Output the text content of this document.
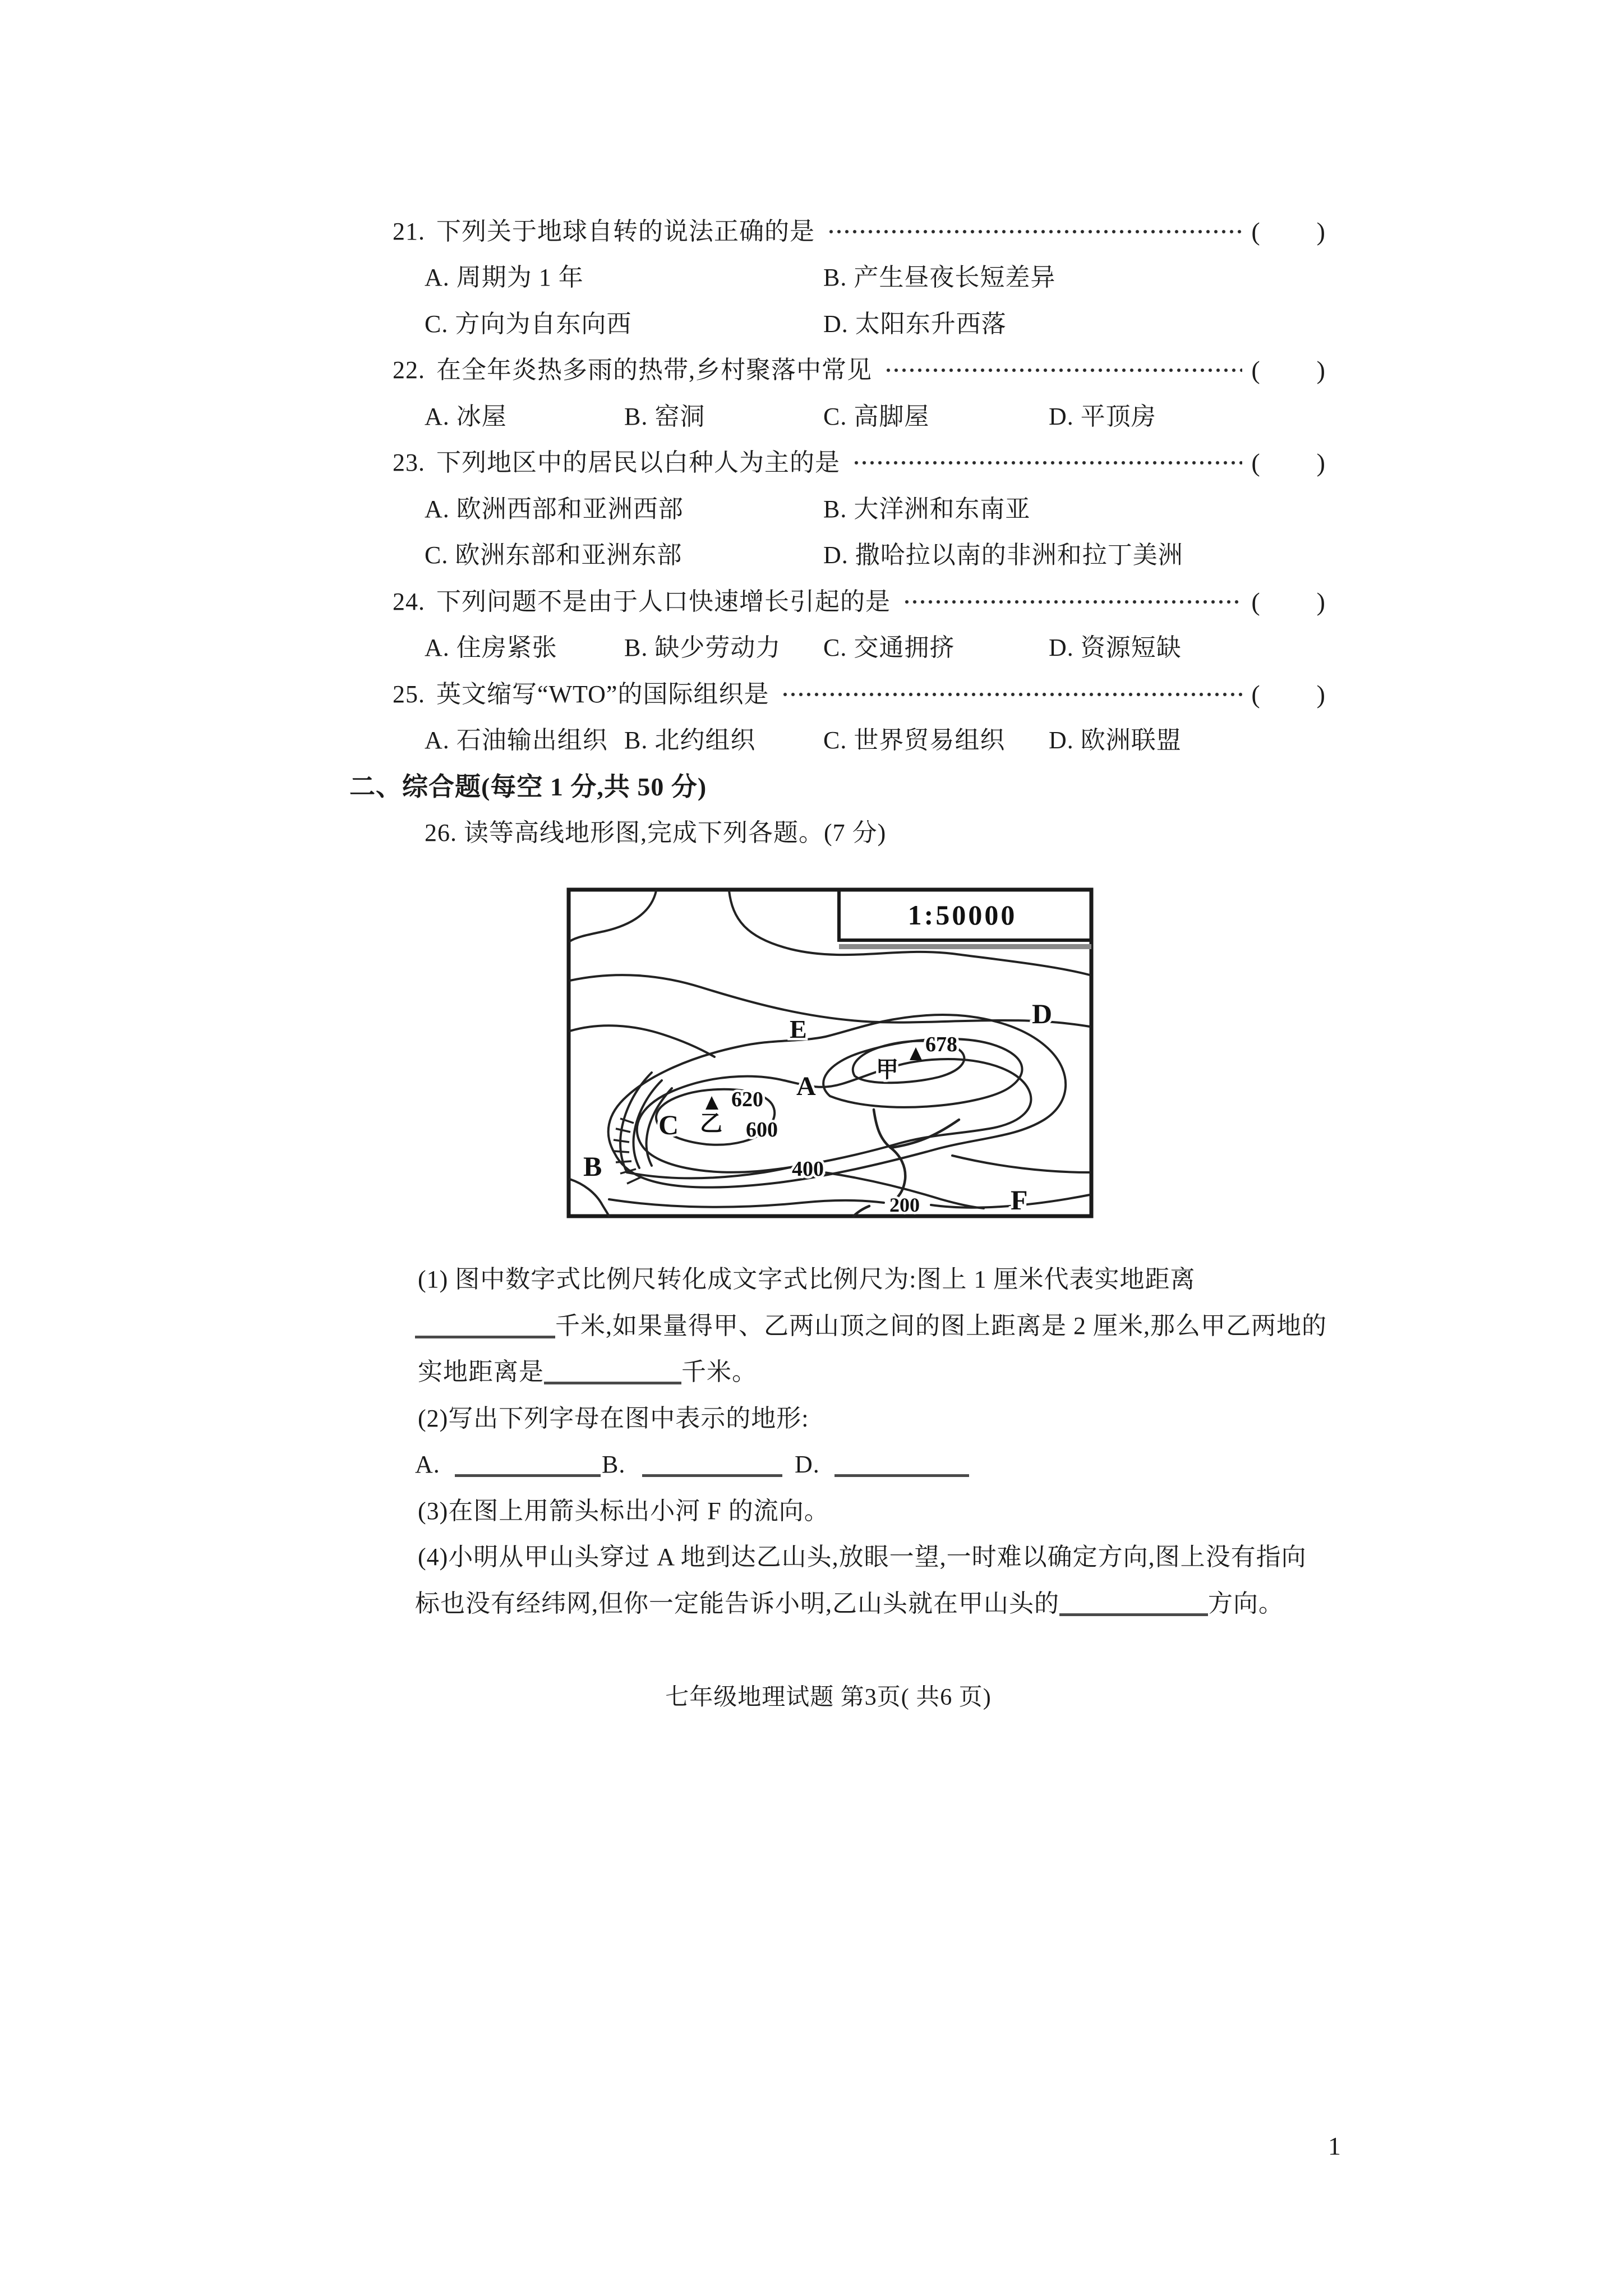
21. 下列关于地球自转的说法正确的是	(        )
A. 周期为 1 年	B. 产生昼夜长短差异
C. 方向为自东向西	D. 太阳东升西落
22. 在全年炎热多雨的热带,乡村聚落中常见	(        )
A. 冰屋	B. 窑洞	C. 高脚屋	D. 平顶房
23. 下列地区中的居民以白种人为主的是	(        )
A. 欧洲西部和亚洲西部	B. 大洋洲和东南亚
C. 欧洲东部和亚洲东部	D. 撒哈拉以南的非洲和拉丁美洲
24. 下列问题不是由于人口快速增长引起的是	(        )
A. 住房紧张	B. 缺少劳动力 C. 交通拥挤	D. 资源短缺
25. 英文缩写“WTO”的国际组织是	(        )
A. 石油输出组织 B. 北约组织	C. 世界贸易组织 D. 欧洲联盟
二、综合题(每空 1 分,共 50 分)
26. 读等高线地形图,完成下列各题。(7 分)
1:50000
E	D
A
B
C
F
甲
乙
678
620
600
400
200
(1) 图中数字式比例尺转化成文字式比例尺为:图上 1 厘米代表实地距离
千米,如果量得甲、乙两山顶之间的图上距离是 2 厘米,那么甲乙两地的
实地距离是	千米。
(2)写出下列字母在图中表示的地形:
A.	B.	D.
(3)在图上用箭头标出小河 F 的流向。
(4)小明从甲山头穿过 A 地到达乙山头,放眼一望,一时难以确定方向,图上没有指向
标也没有经纬网,但你一定能告诉小明,乙山头就在甲山头的	方向。
七年级地理试题 第3页( 共6 页)
1
